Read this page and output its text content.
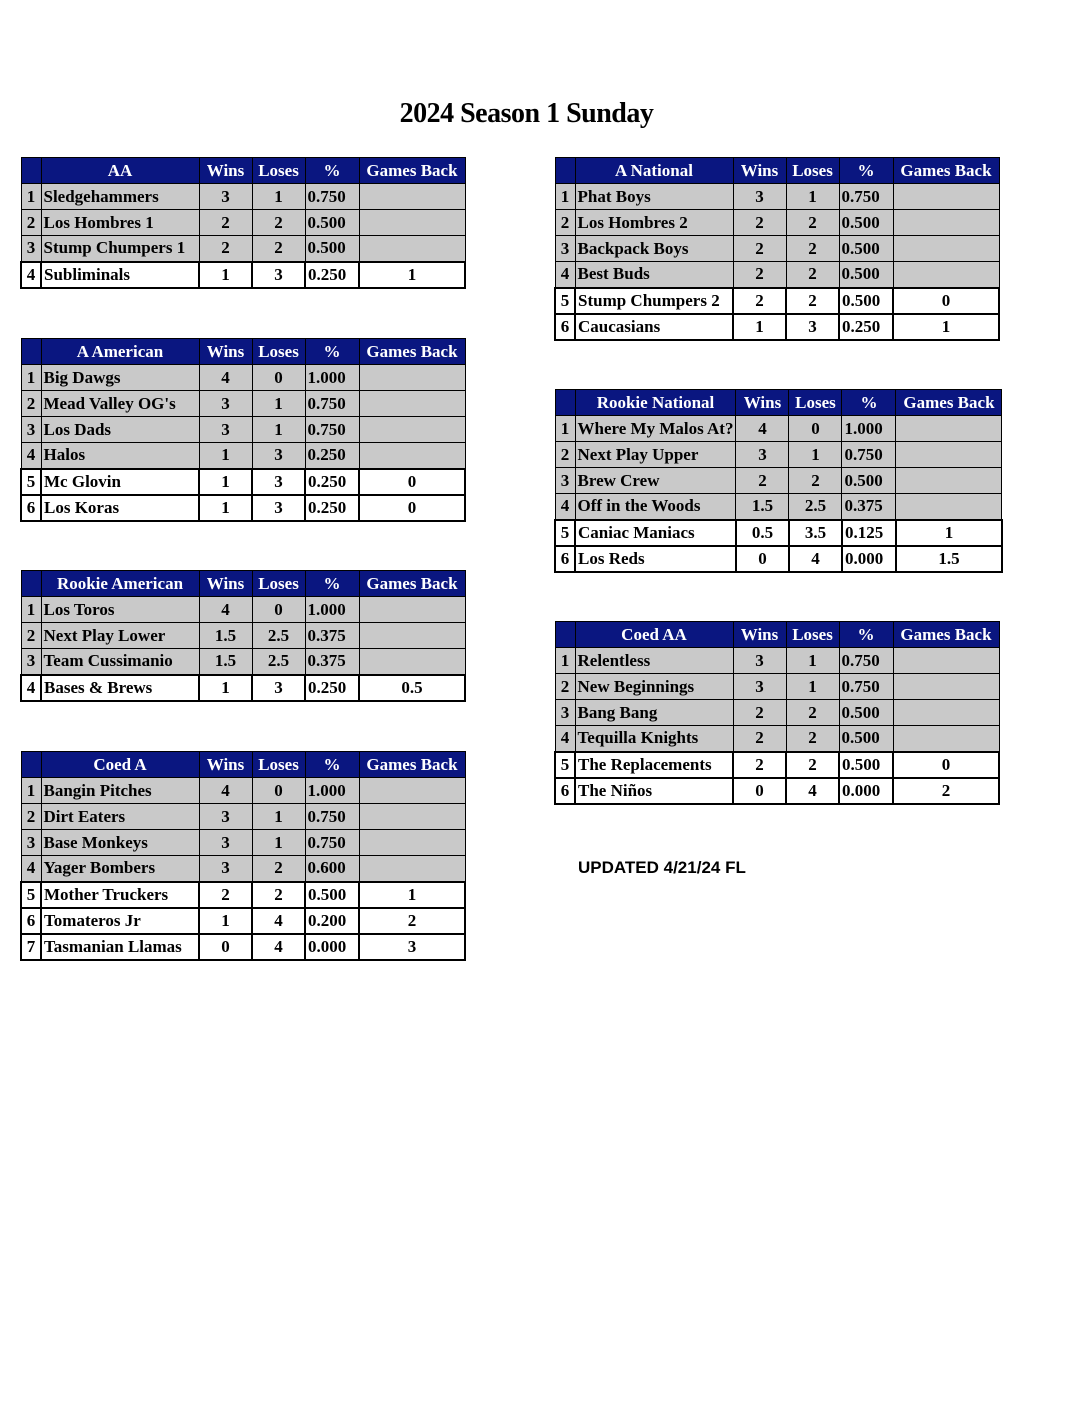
2024 Season 1 Sunday
	AA	Wins	Loses	%	Games Back
1	Sledgehammers	3	1	0.750	
2	Los Hombres 1	2	2	0.500	
3	Stump Chumpers 1	2	2	0.500	
4	Subliminals	1	3	0.250	1
	A National	Wins	Loses	%	Games Back
1	Phat Boys	3	1	0.750	
2	Los Hombres 2	2	2	0.500	
3	Backpack Boys	2	2	0.500	
4	Best Buds	2	2	0.500	
5	Stump Chumpers 2	2	2	0.500	0
6	Caucasians	1	3	0.250	1
	A American	Wins	Loses	%	Games Back
1	Big Dawgs	4	0	1.000	
2	Mead Valley OG's	3	1	0.750	
3	Los Dads	3	1	0.750	
4	Halos	1	3	0.250	
5	Mc Glovin	1	3	0.250	0
6	Los Koras	1	3	0.250	0
	Rookie National	Wins	Loses	%	Games Back
1	Where My Malos At?	4	0	1.000	
2	Next Play Upper	3	1	0.750	
3	Brew Crew	2	2	0.500	
4	Off in the Woods	1.5	2.5	0.375	
5	Caniac Maniacs	0.5	3.5	0.125	1
6	Los Reds	0	4	0.000	1.5
	Rookie American	Wins	Loses	%	Games Back
1	Los Toros	4	0	1.000	
2	Next Play Lower	1.5	2.5	0.375	
3	Team Cussimanio	1.5	2.5	0.375	
4	Bases & Brews	1	3	0.250	0.5
	Coed AA	Wins	Loses	%	Games Back
1	Relentless	3	1	0.750	
2	New Beginnings	3	1	0.750	
3	Bang Bang	2	2	0.500	
4	Tequilla Knights	2	2	0.500	
5	The Replacements	2	2	0.500	0
6	The Niños	0	4	0.000	2
	Coed A	Wins	Loses	%	Games Back
1	Bangin Pitches	4	0	1.000	
2	Dirt Eaters	3	1	0.750	
3	Base Monkeys	3	1	0.750	
4	Yager Bombers	3	2	0.600	
5	Mother Truckers	2	2	0.500	1
6	Tomateros Jr	1	4	0.200	2
7	Tasmanian Llamas	0	4	0.000	3
UPDATED 4/21/24 FL
